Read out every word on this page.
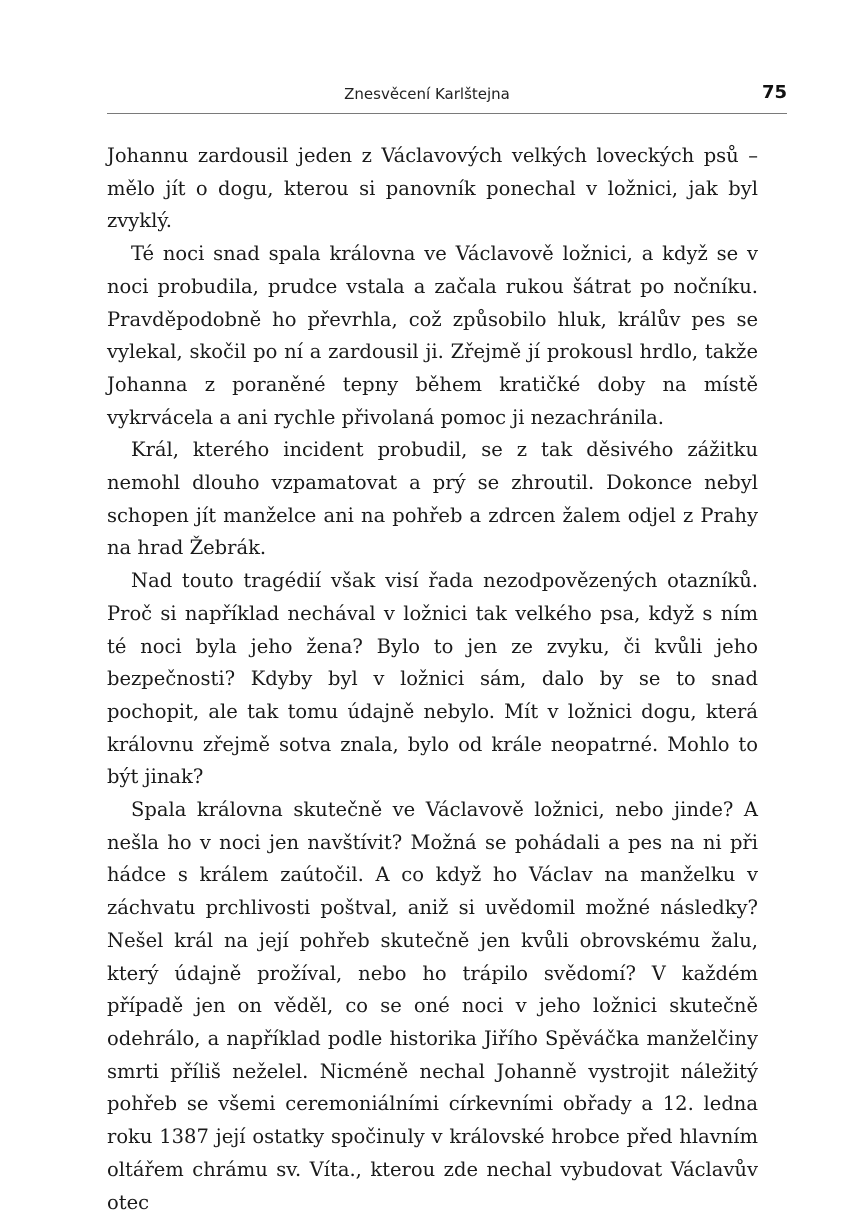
Znesvěcení Karlštejna	75

Johannu zardousil jeden z Václavových velkých loveckých psů – mělo jít o dogu, kterou si panovník ponechal v ložnici, jak byl zvyklý.

Té noci snad spala královna ve Václavově ložnici, a když se v noci probudila, prudce vstala a začala rukou šátrat po nočníku. Pravděpodobně ho převrhla, což způsobilo hluk, králův pes se vylekal, skočil po ní a zardousil ji. Zřejmě jí prokousl hrdlo, takže Johanna z poraněné tepny během kratičké doby na místě vykrvácela a ani rychle přivolaná pomoc ji nezachránila.

Král, kterého incident probudil, se z tak děsivého zážitku nemohl dlouho vzpamatovat a prý se zhroutil. Dokonce nebyl schopen jít manželce ani na pohřeb a zdrcen žalem odjel z Prahy na hrad Žebrák.

Nad touto tragédií však visí řada nezodpovězených otazníků. Proč si například nechával v ložnici tak velkého psa, když s ním té noci byla jeho žena? Bylo to jen ze zvyku, či kvůli jeho bezpečnosti? Kdyby byl v ložnici sám, dalo by se to snad pochopit, ale tak tomu údajně nebylo. Mít v ložnici dogu, která královnu zřejmě sotva znala, bylo od krále neopatrné. Mohlo to být jinak?

Spala královna skutečně ve Václavově ložnici, nebo jinde? A nešla ho v noci jen navštívit? Možná se pohádali a pes na ni při hádce s králem zaútočil. A co když ho Václav na manželku v záchvatu prchlivosti poštval, aniž si uvědomil možné následky? Nešel král na její pohřeb skutečně jen kvůli obrovskému žalu, který údajně prožíval, nebo ho trápilo svědomí? V každém případě jen on věděl, co se oné noci v jeho ložnici skutečně odehrálo, a například podle historika Jiřího Spěváčka manželčiny smrti příliš neželel. Nicméně nechal Johanně vystrojit náležitý pohřeb se všemi ceremoniálními církevními obřady a 12. ledna roku 1387 její ostatky spočinuly v královské hrobce před hlavním oltářem chrámu sv. Víta., kterou zde nechal vybudovat Václavův otec
